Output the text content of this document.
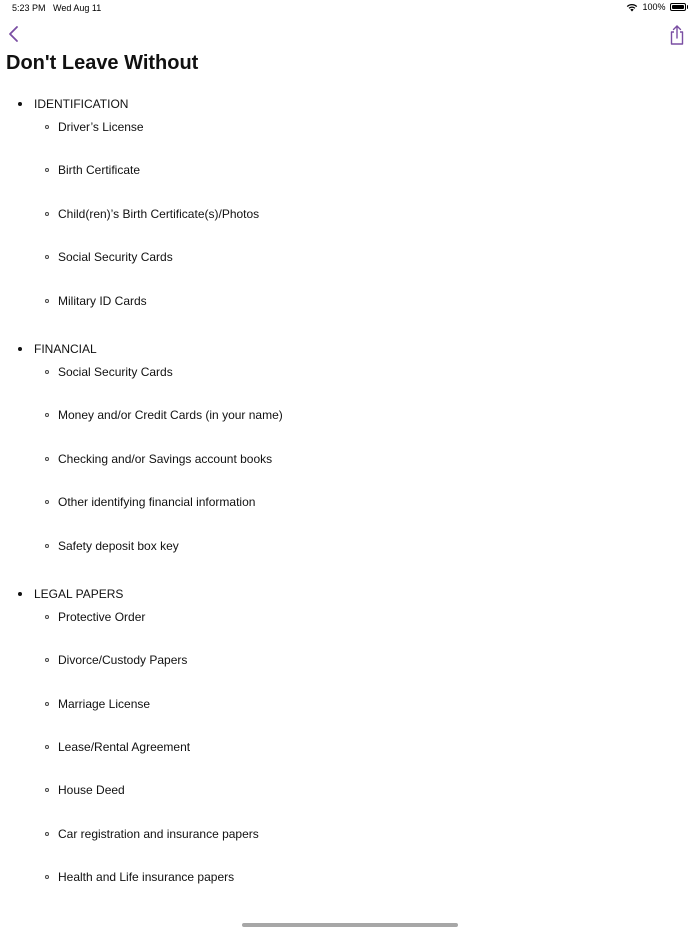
5:23 PM Wed Aug 11	100%
Don't Leave Without
IDENTIFICATION
Driver’s License
Birth Certificate
Child(ren)’s Birth Certificate(s)/Photos
Social Security Cards
Military ID Cards
FINANCIAL
Social Security Cards
Money and/or Credit Cards (in your name)
Checking and/or Savings account books
Other identifying financial information
Safety deposit box key
LEGAL PAPERS
Protective Order
Divorce/Custody Papers
Marriage License
Lease/Rental Agreement
House Deed
Car registration and insurance papers
Health and Life insurance papers
